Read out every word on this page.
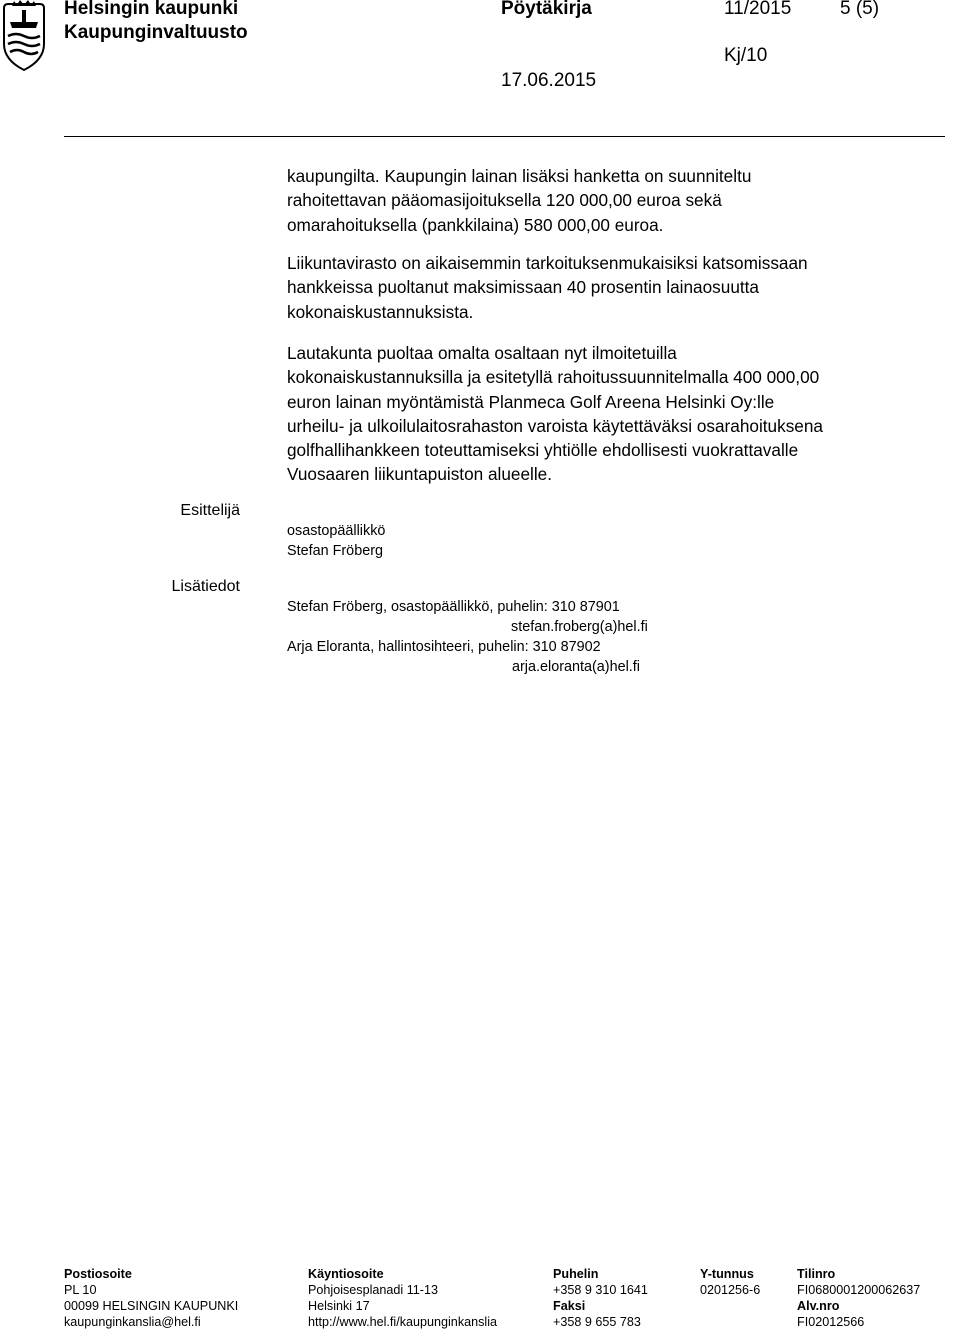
Helsingin kaupunki
Kaupunginvaltuusto
Pöytäkirja	11/2015	5 (5)
Kj/10
17.06.2015
kaupungilta. Kaupungin lainan lisäksi hanketta on suunniteltu
rahoitettavan pääomasijoituksella 120 000,00 euroa sekä
omarahoituksella (pankkilaina) 580 000,00 euroa.
Liikuntavirasto on aikaisemmin tarkoituksenmukaisiksi katsomissaan
hankkeissa puoltanut maksimissaan 40 prosentin lainaosuutta
kokonaiskustannuksista.
Lautakunta puoltaa omalta osaltaan nyt ilmoitetuilla
kokonaiskustannuksilla ja esitetyllä rahoitussuunnitelmalla 400 000,00
euron lainan myöntämistä Planmeca Golf Areena Helsinki Oy:lle
urheilu- ja ulkoilulaitosrahaston varoista käytettäväksi osarahoituksena
golfhallihankkeen toteuttamiseksi yhtiölle ehdollisesti vuokrattavalle
Vuosaaren liikuntapuiston alueelle.
Esittelijä
osastopäällikkö
Stefan Fröberg
Lisätiedot
Stefan Fröberg, osastopäällikkö, puhelin: 310 87901
stefan.froberg(a)hel.fi
Arja Eloranta, hallintosihteeri, puhelin: 310 87902
arja.eloranta(a)hel.fi
Postiosoite
PL 10
00099 HELSINGIN KAUPUNKI
kaupunginkanslia@hel.fi
Käyntiosoite
Pohjoisesplanadi 11-13
Helsinki 17
http://www.hel.fi/kaupunginkanslia
Puhelin
+358 9 310 1641
Faksi
+358 9 655 783
Y-tunnus
0201256-6
Tilinro
FI0680001200062637
Alv.nro
FI02012566
